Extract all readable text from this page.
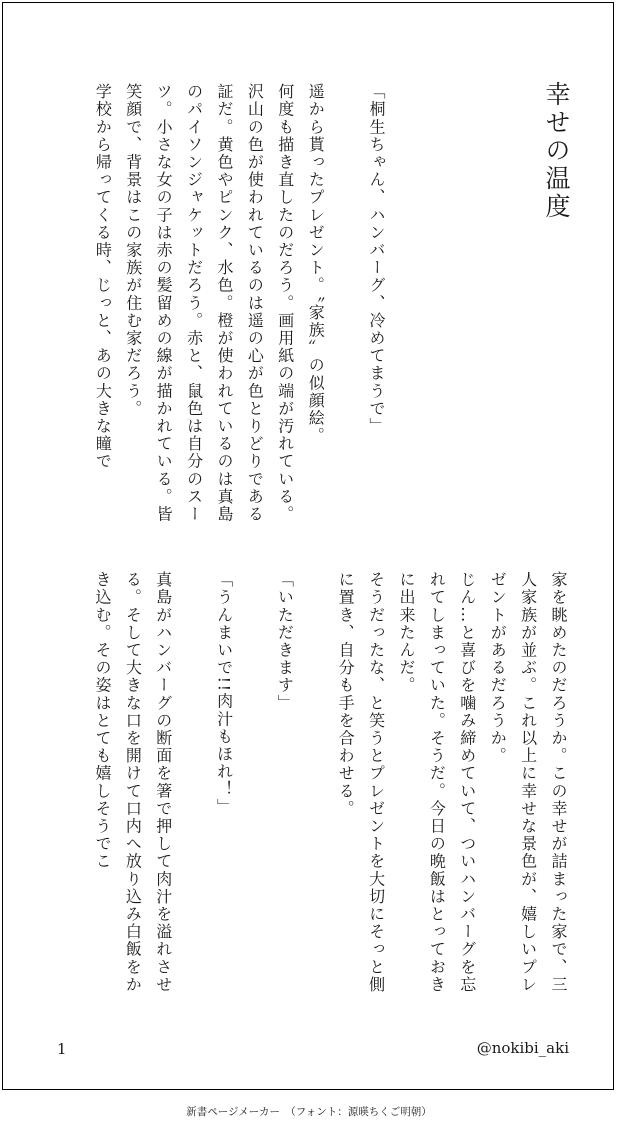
幸せの温度

「桐生ちゃん、ハンバーグ、冷めてまうで」

遥から貰ったプレゼント。〝家族〟の似顔絵。

何度も描き直したのだろう。画用紙の端が汚れている。沢山の色が使われているのは遥の心が色とりどりである証だ。黄色やピンク、水色。橙が使われているのは真島のパイソンジャケットだろう。赤と、鼠色は自分のスーツ。小さな女の子は赤の髪留めの線が描かれている。皆笑顔で、背景はこの家族が住む家だろう。

学校から帰ってくる時、じっと、あの大きな瞳で

家を眺めたのだろうか。この幸せが詰まった家で、三人家族が並ぶ。これ以上に幸せな景色が、嬉しいプレゼントがあるだろうか。

じん…と喜びを噛み締めていて、ついハンバーグを忘れてしまっていた。そうだ。今日の晩飯はとっておきに出来たんだ。

そうだったな、と笑うとプレゼントを大切にそっと側に置き、自分も手を合わせる。

「いただきます」

「うんまいで!!肉汁もほれ！」

真島がハンバーグの断面を箸で押して肉汁を溢れさせる。そして大きな口を開けて口内へ放り込み白飯をかき込む。その姿はとても嬉しそうでこ

1	@nokibi_aki
新書ページメーカー　（フォント：源暎ちくご明朝）
